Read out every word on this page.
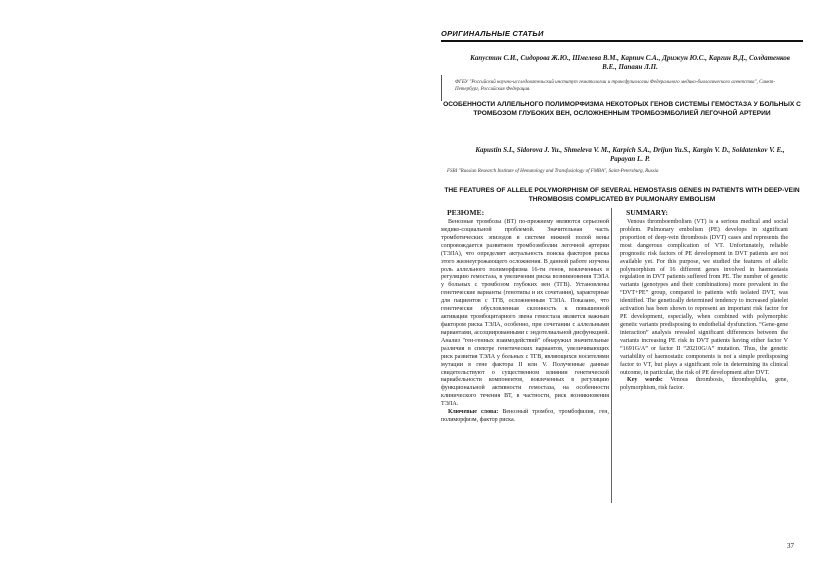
ОРИГИНАЛЬНЫЕ СТАТЬИ
Капустин С.И., Сидорова Ж.Ю., Шмелева В.М., Карпич С.А., Дрижун Ю.С., Каргин В.Д., Солдатенков В.Е., Папаян Л.П.
ФГБУ "Российский научно-исследовательский институт гематологии и трансфузиологии Федерального медико-биологического агентства", Санкт-Петербург, Российская Федерация.
ОСОБЕННОСТИ АЛЛЕЛЬНОГО ПОЛИМОРФИЗМА НЕКОТОРЫХ ГЕНОВ СИСТЕМЫ ГЕМОСТАЗА У БОЛЬНЫХ С ТРОМБОЗОМ ГЛУБОКИХ ВЕН, ОСЛОЖНЕННЫМ ТРОМБОЭМБОЛИЕЙ ЛЕГОЧНОЙ АРТЕРИИ
Kapustin S.I., Sidorova J. Yu., Shmeleva V. M., Karpich S.A., Drijun Yu.S., Kargin V. D., Soldatenkov V. E., Papayan L. P.
FSBI "Russian Research Institute of Hematology and Transfusiology of FMBA", Saint-Petersburg, Russia
THE FEATURES OF ALLELE POLYMORPHISM OF SEVERAL HEMOSTASIS GENES IN PATIENTS WITH DEEP-VEIN THROMBOSIS COMPLICATED BY PULMONARY EMBOLISM
РЕЗЮМЕ:

Венозные тромбозы (ВТ) по-прежнему являются серьезной медико-социальной проблемой. Значительная часть тромботических эпизодов в системе нижней полой вены сопровождается развитием тромбоэмболии легочной артерии (ТЭЛА), что определяет актуальность поиска факторов риска этого жизнеугрожающего осложнения. В данной работе изучена роль аллельного полиморфизма 16-ти генов, вовлеченных в регуляцию гемостаза, в увеличении риска возникновения ТЭЛА у больных с тромбозом глубоких вен (ТГВ). Установлены генетические варианты (генотипы и их сочетания), характерные для пациентов с ТГВ, осложненным ТЭЛА. Показано, что генетически обусловленная склонность к повышенной активации тромбоцитарного звена гемостаза является важным фактором риска ТЭЛА, особенно, при сочетании с аллельными вариантами, ассоциированными с эндотелиальной дисфункцией. Анализ "ген-генных взаимодействий" обнаружил значительные различия в спектре генетических вариантов, увеличивающих риск развития ТЭЛА у больных с ТГВ, являющихся носителями мутации в гене фактора II или V. Полученные данные свидетельствуют о существенном влиянии генетической вариабельности компонентов, вовлеченных в регуляцию функциональной активности гемостаза, на особенности клинического течения ВТ, в частности, риск возникновения ТЭЛА.

Ключевые слова: Венозный тромбоз, тромбофилия, ген, полиморфизм, фактор риска.

SUMMARY:

Venous thromboembolism (VT) is a serious medical and social problem. Pulmonary embolism (PE) develops in significant proportion of deep-vein thrombosis (DVT) cases and represents the most dangerous complication of VT. Unfortunately, reliable prognostic risk factors of PE development in DVT patients are not available yet. For this purpose, we studied the features of allelic polymorphism of 16 different genes involved in haemostasis regulation in DVT patients suffered from PE. The number of genetic variants (genotypes and their combinations) more prevalent in the “DVT+PE” group, compared to patients with isolated DVT, was identified. The genetically determined tendency to increased platelet activation has been shown to represent an important risk factor for PE development, especially, when combined with polymorphic genetic variants predisposing to endothelial dysfunction. “Gene-gene interaction” analysis revealed significant differences between the variants increasing PE risk in DVT patients having either factor V “1691G/A” or factor II “20210G/A” mutation. Thus, the genetic variability of haemostatic components is not a simple predisposing factor to VT, but plays a significant role in determining its clinical outcome, in particular, the risk of PE development after DVT.

Key words: Venous thrombosis, thrombophilia, gene, polymorphism, risk factor.

37
